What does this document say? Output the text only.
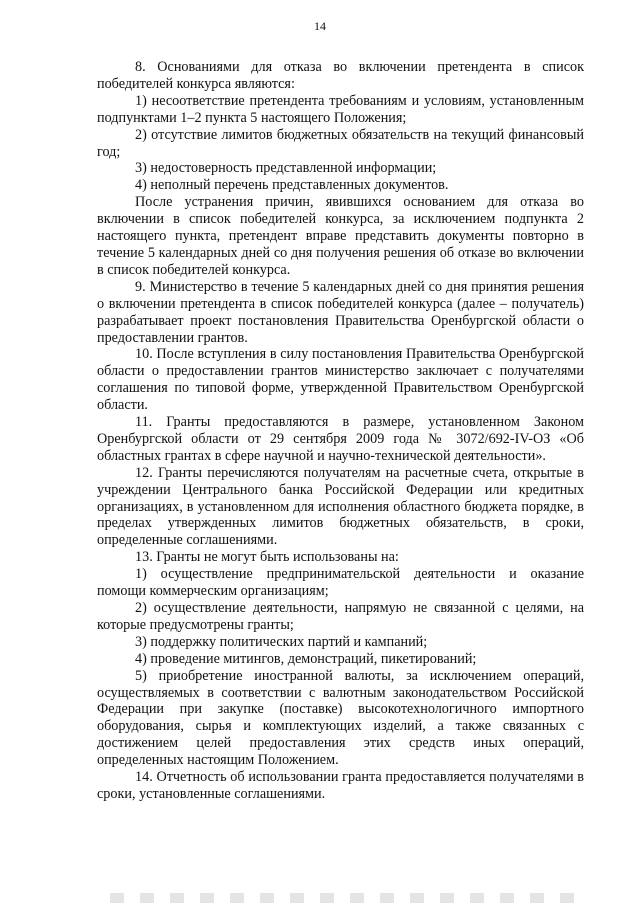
14

8. Основаниями для отказа во включении претендента в список победителей конкурса являются:

1) несоответствие претендента требованиям и условиям, установленным подпунктами 1–2 пункта 5 настоящего Положения;

2) отсутствие лимитов бюджетных обязательств на текущий финансовый год;

3) недостоверность представленной информации;

4) неполный перечень представленных документов.

После устранения причин, явившихся основанием для отказа во включении в список победителей конкурса, за исключением подпункта 2 настоящего пункта, претендент вправе представить документы повторно в течение 5 календарных дней со дня получения решения об отказе во включении в список победителей конкурса.

9. Министерство в течение 5 календарных дней со дня принятия решения о включении претендента в список победителей конкурса (далее – получатель) разрабатывает проект постановления Правительства Оренбургской области о предоставлении грантов.

10. После вступления в силу постановления Правительства Оренбургской области о предоставлении грантов министерство заключает с получателями соглашения по типовой форме, утвержденной Правительством Оренбургской области.

11. Гранты предоставляются в размере, установленном Законом Оренбургской области от 29 сентября 2009 года № 3072/692-IV-ОЗ «Об областных грантах в сфере научной и научно-технической деятельности».

12. Гранты перечисляются получателям на расчетные счета, открытые в учреждении Центрального банка Российской Федерации или кредитных организациях, в установленном для исполнения областного бюджета порядке, в пределах утвержденных лимитов бюджетных обязательств, в сроки, определенные соглашениями.

13. Гранты не могут быть использованы на:

1) осуществление предпринимательской деятельности и оказание помощи коммерческим организациям;

2) осуществление деятельности, напрямую не связанной с целями, на которые предусмотрены гранты;

3) поддержку политических партий и кампаний;

4) проведение митингов, демонстраций, пикетирований;

5) приобретение иностранной валюты, за исключением операций, осуществляемых в соответствии с валютным законодательством Российской Федерации при закупке (поставке) высокотехнологичного импортного оборудования, сырья и комплектующих изделий, а также связанных с достижением целей предоставления этих средств иных операций, определенных настоящим Положением.

14. Отчетность об использовании гранта предоставляется получателями в сроки, установленные соглашениями.
